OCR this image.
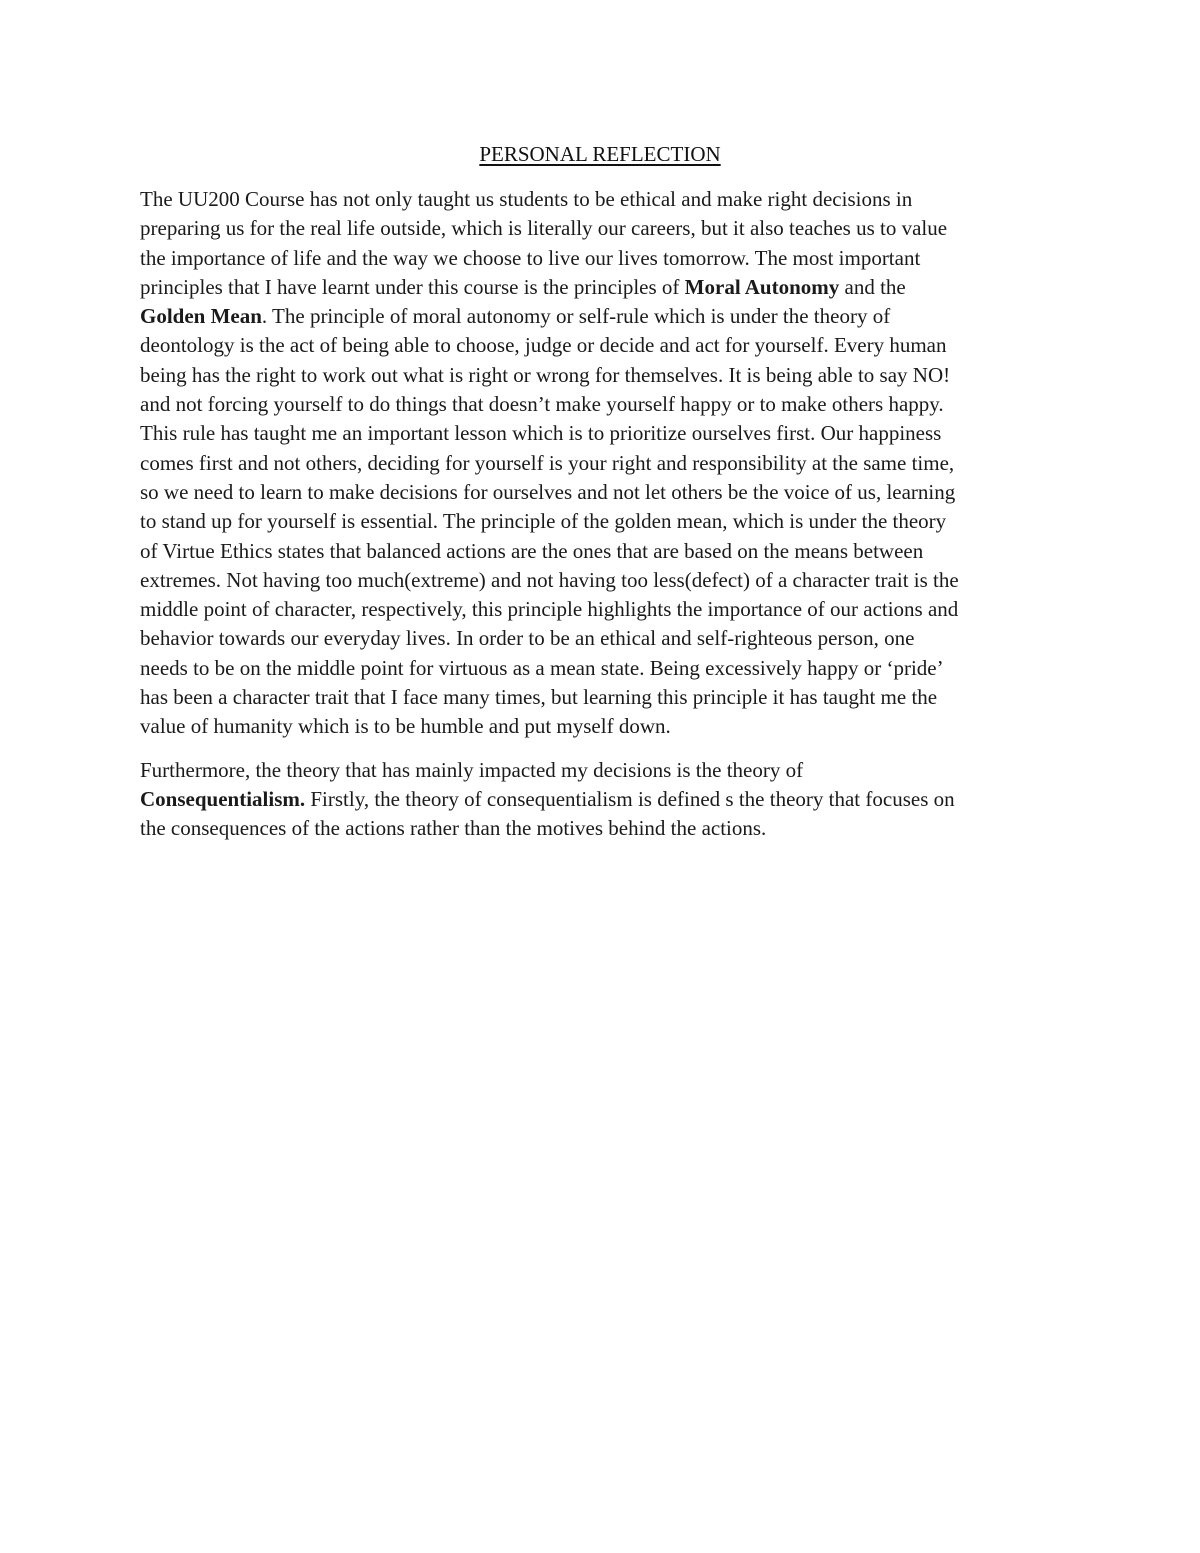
PERSONAL REFLECTION

The UU200 Course has not only taught us students to be ethical and make right decisions in
preparing us for the real life outside, which is literally our careers, but it also teaches us to value
the importance of life and the way we choose to live our lives tomorrow. The most important
principles that I have learnt under this course is the principles of Moral Autonomy and the
Golden Mean. The principle of moral autonomy or self-rule which is under the theory of
deontology is the act of being able to choose, judge or decide and act for yourself. Every human
being has the right to work out what is right or wrong for themselves. It is being able to say NO!
and not forcing yourself to do things that doesn’t make yourself happy or to make others happy.
This rule has taught me an important lesson which is to prioritize ourselves first. Our happiness
comes first and not others, deciding for yourself is your right and responsibility at the same time,
so we need to learn to make decisions for ourselves and not let others be the voice of us, learning
to stand up for yourself is essential. The principle of the golden mean, which is under the theory
of Virtue Ethics states that balanced actions are the ones that are based on the means between
extremes. Not having too much(extreme) and not having too less(defect) of a character trait is the
middle point of character, respectively, this principle highlights the importance of our actions and
behavior towards our everyday lives. In order to be an ethical and self-righteous person, one
needs to be on the middle point for virtuous as a mean state. Being excessively happy or ‘pride’
has been a character trait that I face many times, but learning this principle it has taught me the
value of humanity which is to be humble and put myself down.

Furthermore, the theory that has mainly impacted my decisions is the theory of
Consequentialism. Firstly, the theory of consequentialism is defined s the theory that focuses on
the consequences of the actions rather than the motives behind the actions.
